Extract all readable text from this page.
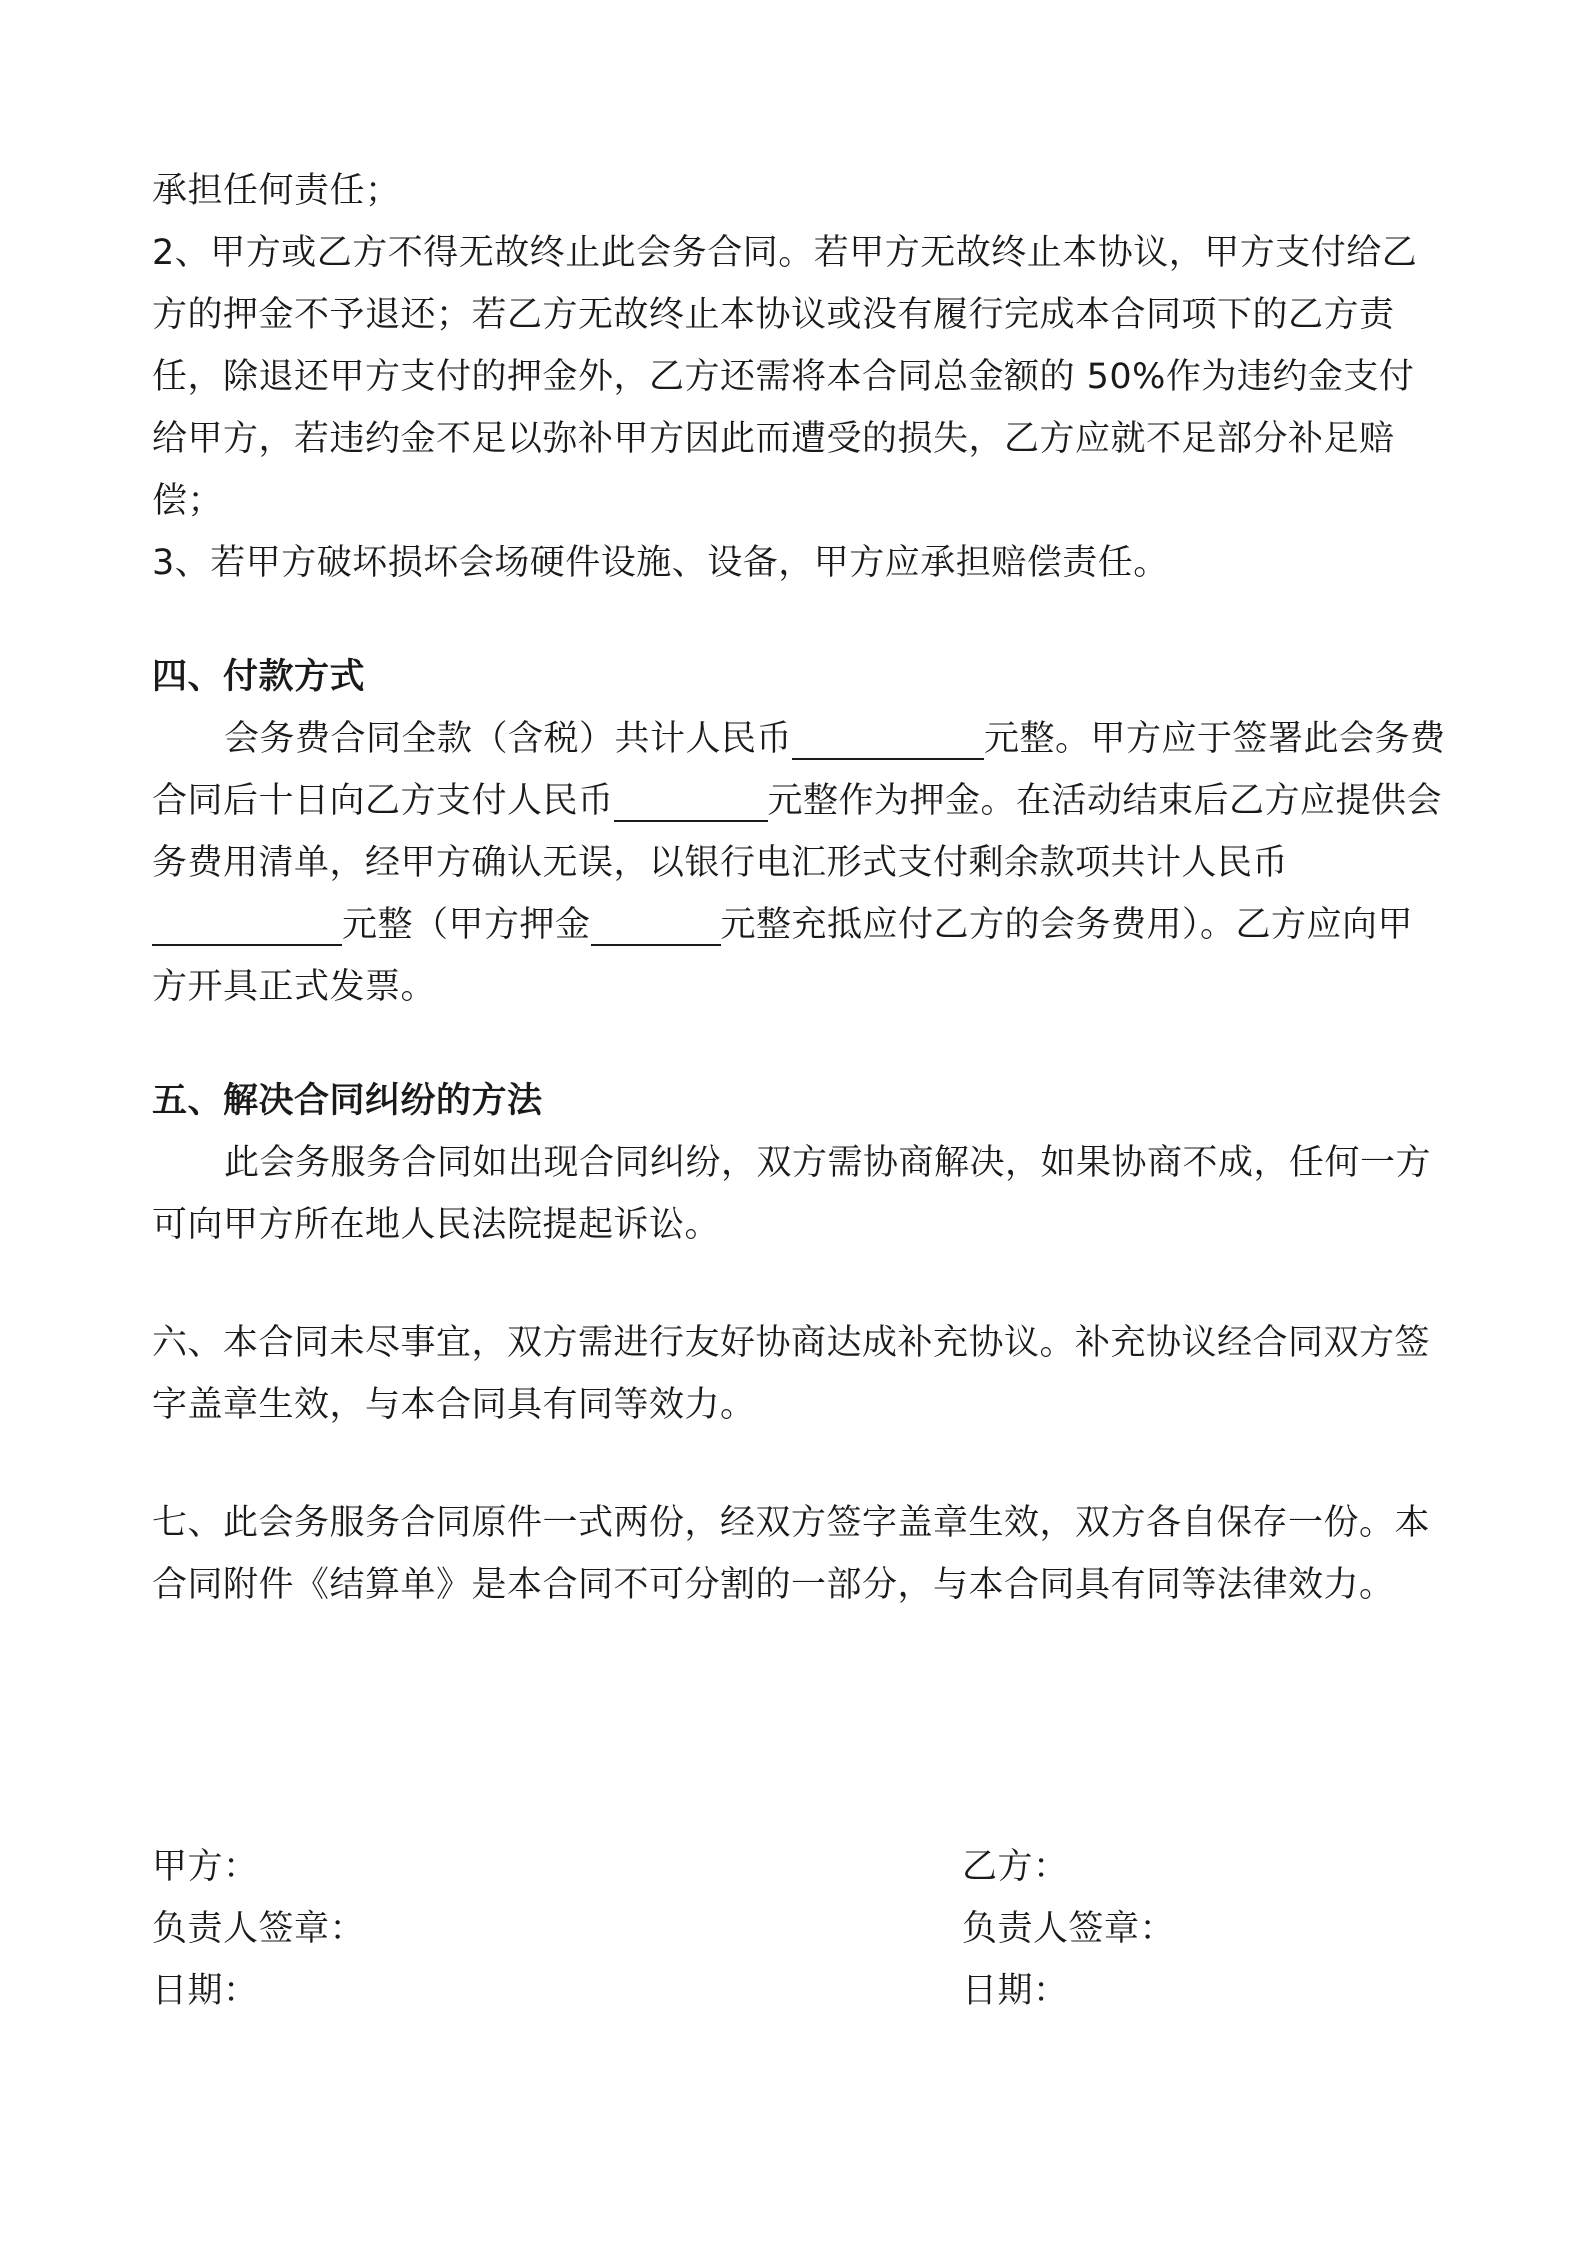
承担任何责任；

2、甲方或乙方不得无故终止此会务合同。若甲方无故终止本协议，甲方支付给乙方的押金不予退还；若乙方无故终止本协议或没有履行完成本合同项下的乙方责任，除退还甲方支付的押金外，乙方还需将本合同总金额的 50%作为违约金支付给甲方，若违约金不足以弥补甲方因此而遭受的损失，乙方应就不足部分补足赔偿；

3、若甲方破坏损坏会场硬件设施、设备，甲方应承担赔偿责任。

四、付款方式

会务费合同全款（含税）共计人民币	元整。甲方应于签署此会务费合同后十日向乙方支付人民币	元整作为押金。在活动结束后乙方应提供会务费用清单，经甲方确认无误，以银行电汇形式支付剩余款项共计人民币元整（甲方押金	元整充抵应付乙方的会务费用）。乙方应向甲方开具正式发票。

五、解决合同纠纷的方法

此会务服务合同如出现合同纠纷，双方需协商解决，如果协商不成，任何一方可向甲方所在地人民法院提起诉讼。

六、本合同未尽事宜，双方需进行友好协商达成补充协议。补充协议经合同双方签字盖章生效，与本合同具有同等效力。

七、此会务服务合同原件一式两份，经双方签字盖章生效，双方各自保存一份。本合同附件《结算单》是本合同不可分割的一部分，与本合同具有同等法律效力。

甲方：

负责人签章：

日期：

乙方：

负责人签章：

日期：
